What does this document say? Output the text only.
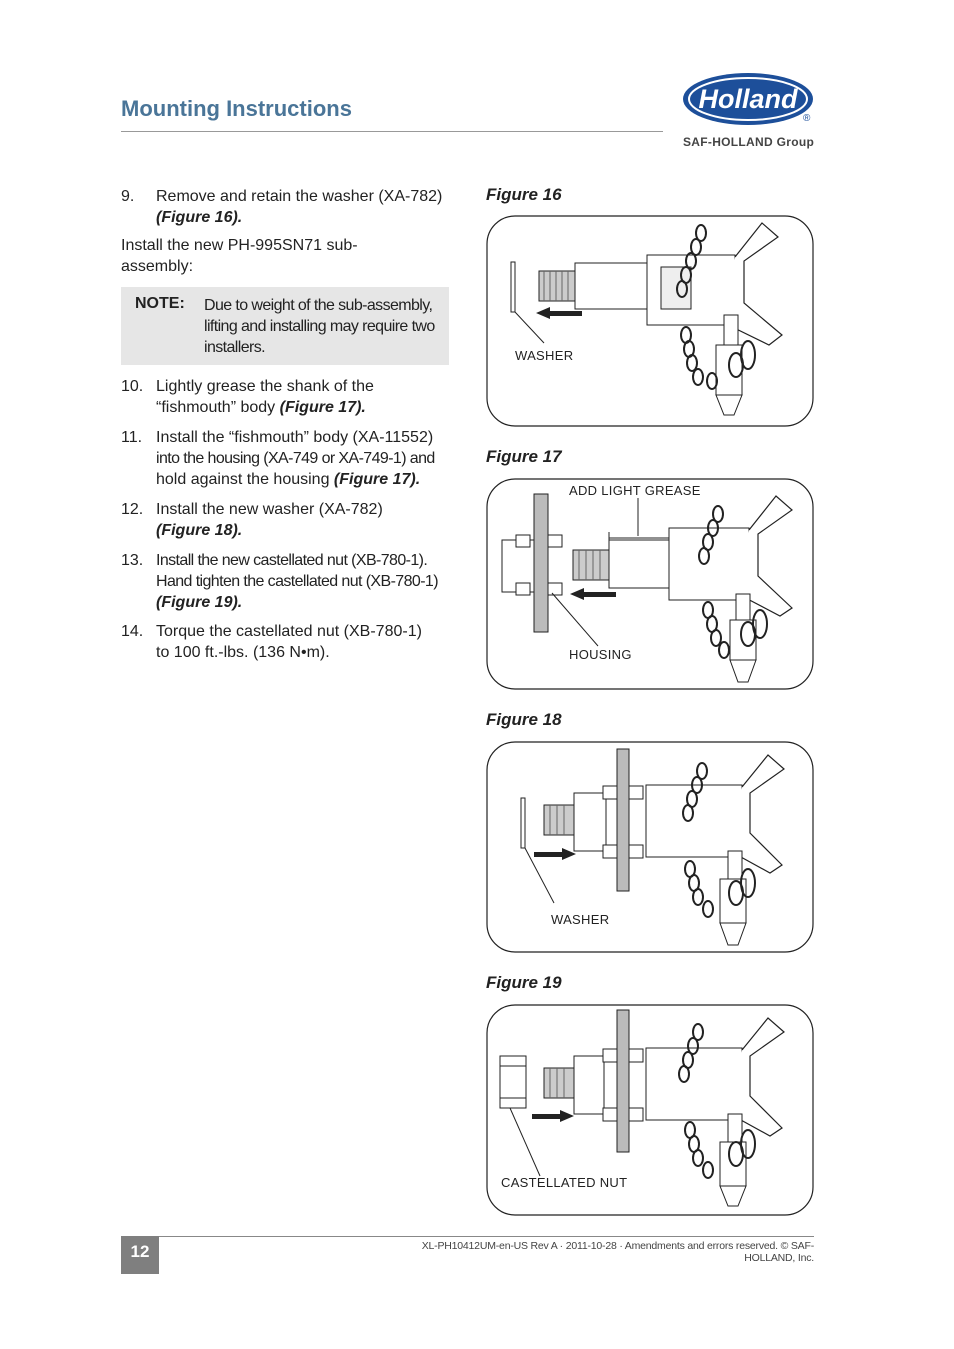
Mounting Instructions	Holland
®
SAF-HOLLAND Group
9. Remove and retain the washer (XA-782)
(Figure 16).
Install the new PH-995SN71 sub-assembly:
NOTE: Due to weight of the sub-assembly, lifting and installing may require two installers.
10. Lightly grease the shank of the
“fishmouth” body (Figure 17).
11. Install the “fishmouth” body (XA-11552)
into the housing (XA-749 or XA-749-1) and
hold against the housing (Figure 17).
12. Install the new washer (XA-782)
(Figure 18).
13. Install the new castellated nut (XB-780-1).
Hand tighten the castellated nut (XB-780-1)
(Figure 19).
14. Torque the castellated nut (XB-780-1)
to 100 ft.-lbs. (136 N•m).
Figure 16
WASHER
Figure 17
ADD LIGHT GREASE
HOUSING
Figure 18
WASHER
Figure 19
CASTELLATED NUT
12	XL-PH10412UM-en-US Rev A · 2011-10-28 · Amendments and errors reserved. © SAF-HOLLAND, Inc.
